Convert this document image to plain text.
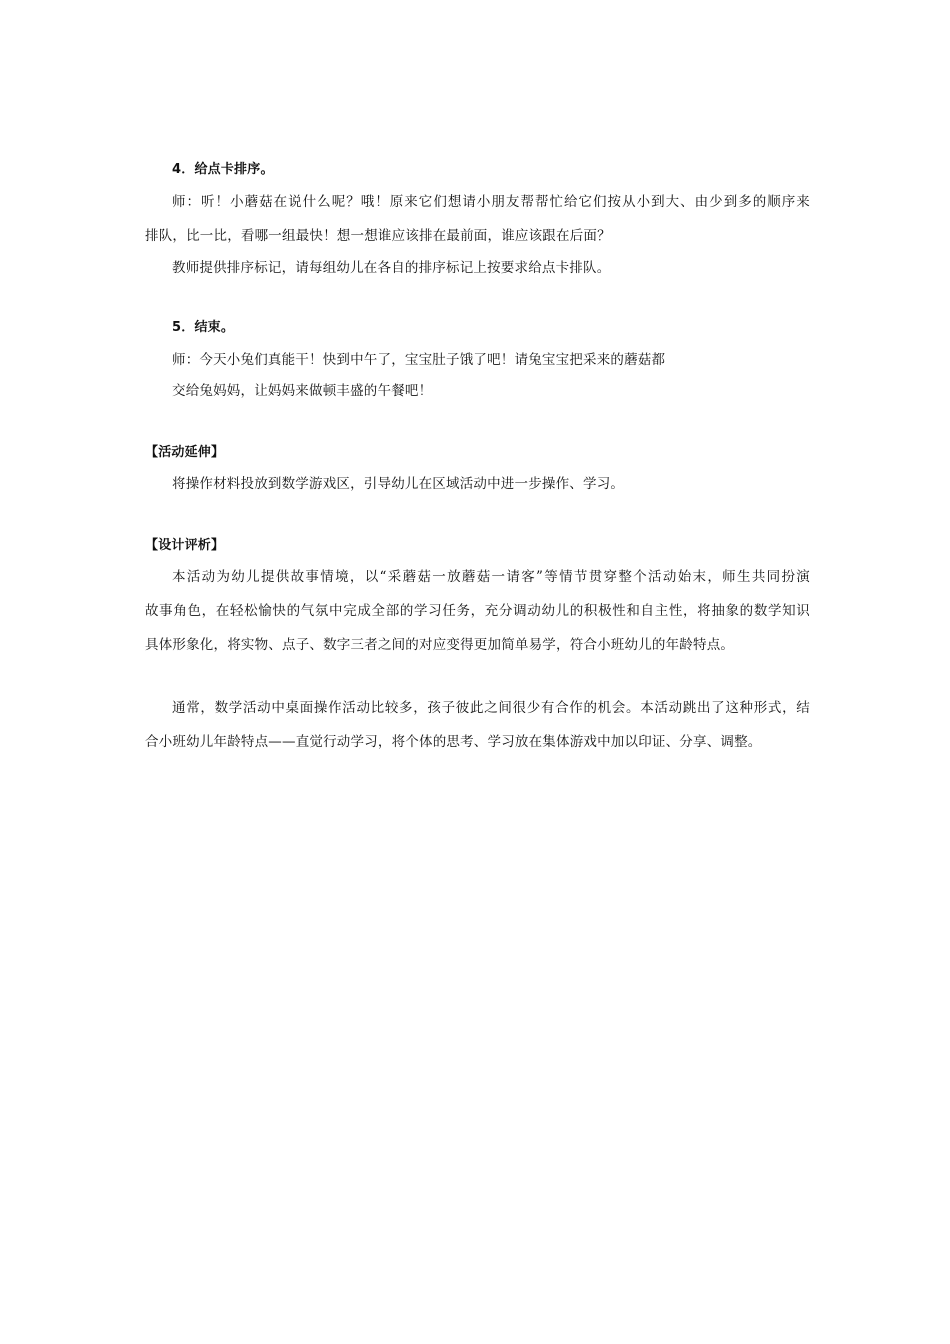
4．给点卡排序。
师：听！小蘑菇在说什么呢？哦！原来它们想请小朋友帮帮忙给它们按从小到大、由少到多的顺序来
排队，比一比，看哪一组最快！想一想谁应该排在最前面，谁应该跟在后面？
教师提供排序标记，请每组幼儿在各自的排序标记上按要求给点卡排队。
5．结束。
师：今天小兔们真能干！快到中午了，宝宝肚子饿了吧！请兔宝宝把采来的蘑菇都
交给兔妈妈，让妈妈来做顿丰盛的午餐吧！
【活动延伸】
将操作材料投放到数学游戏区，引导幼儿在区域活动中进一步操作、学习。
【设计评析】
本活动为幼儿提供故事情境，以“采蘑菇一放蘑菇一请客”等情节贯穿整个活动始末，师生共同扮演
故事角色，在轻松愉快的气氛中完成全部的学习任务，充分调动幼儿的积极性和自主性，将抽象的数学知识
具体形象化，将实物、点子、数字三者之间的对应变得更加简单易学，符合小班幼儿的年龄特点。
通常，数学活动中桌面操作活动比较多，孩子彼此之间很少有合作的机会。本活动跳出了这种形式，结
合小班幼儿年龄特点——直觉行动学习，将个体的思考、学习放在集体游戏中加以印证、分享、调整。
